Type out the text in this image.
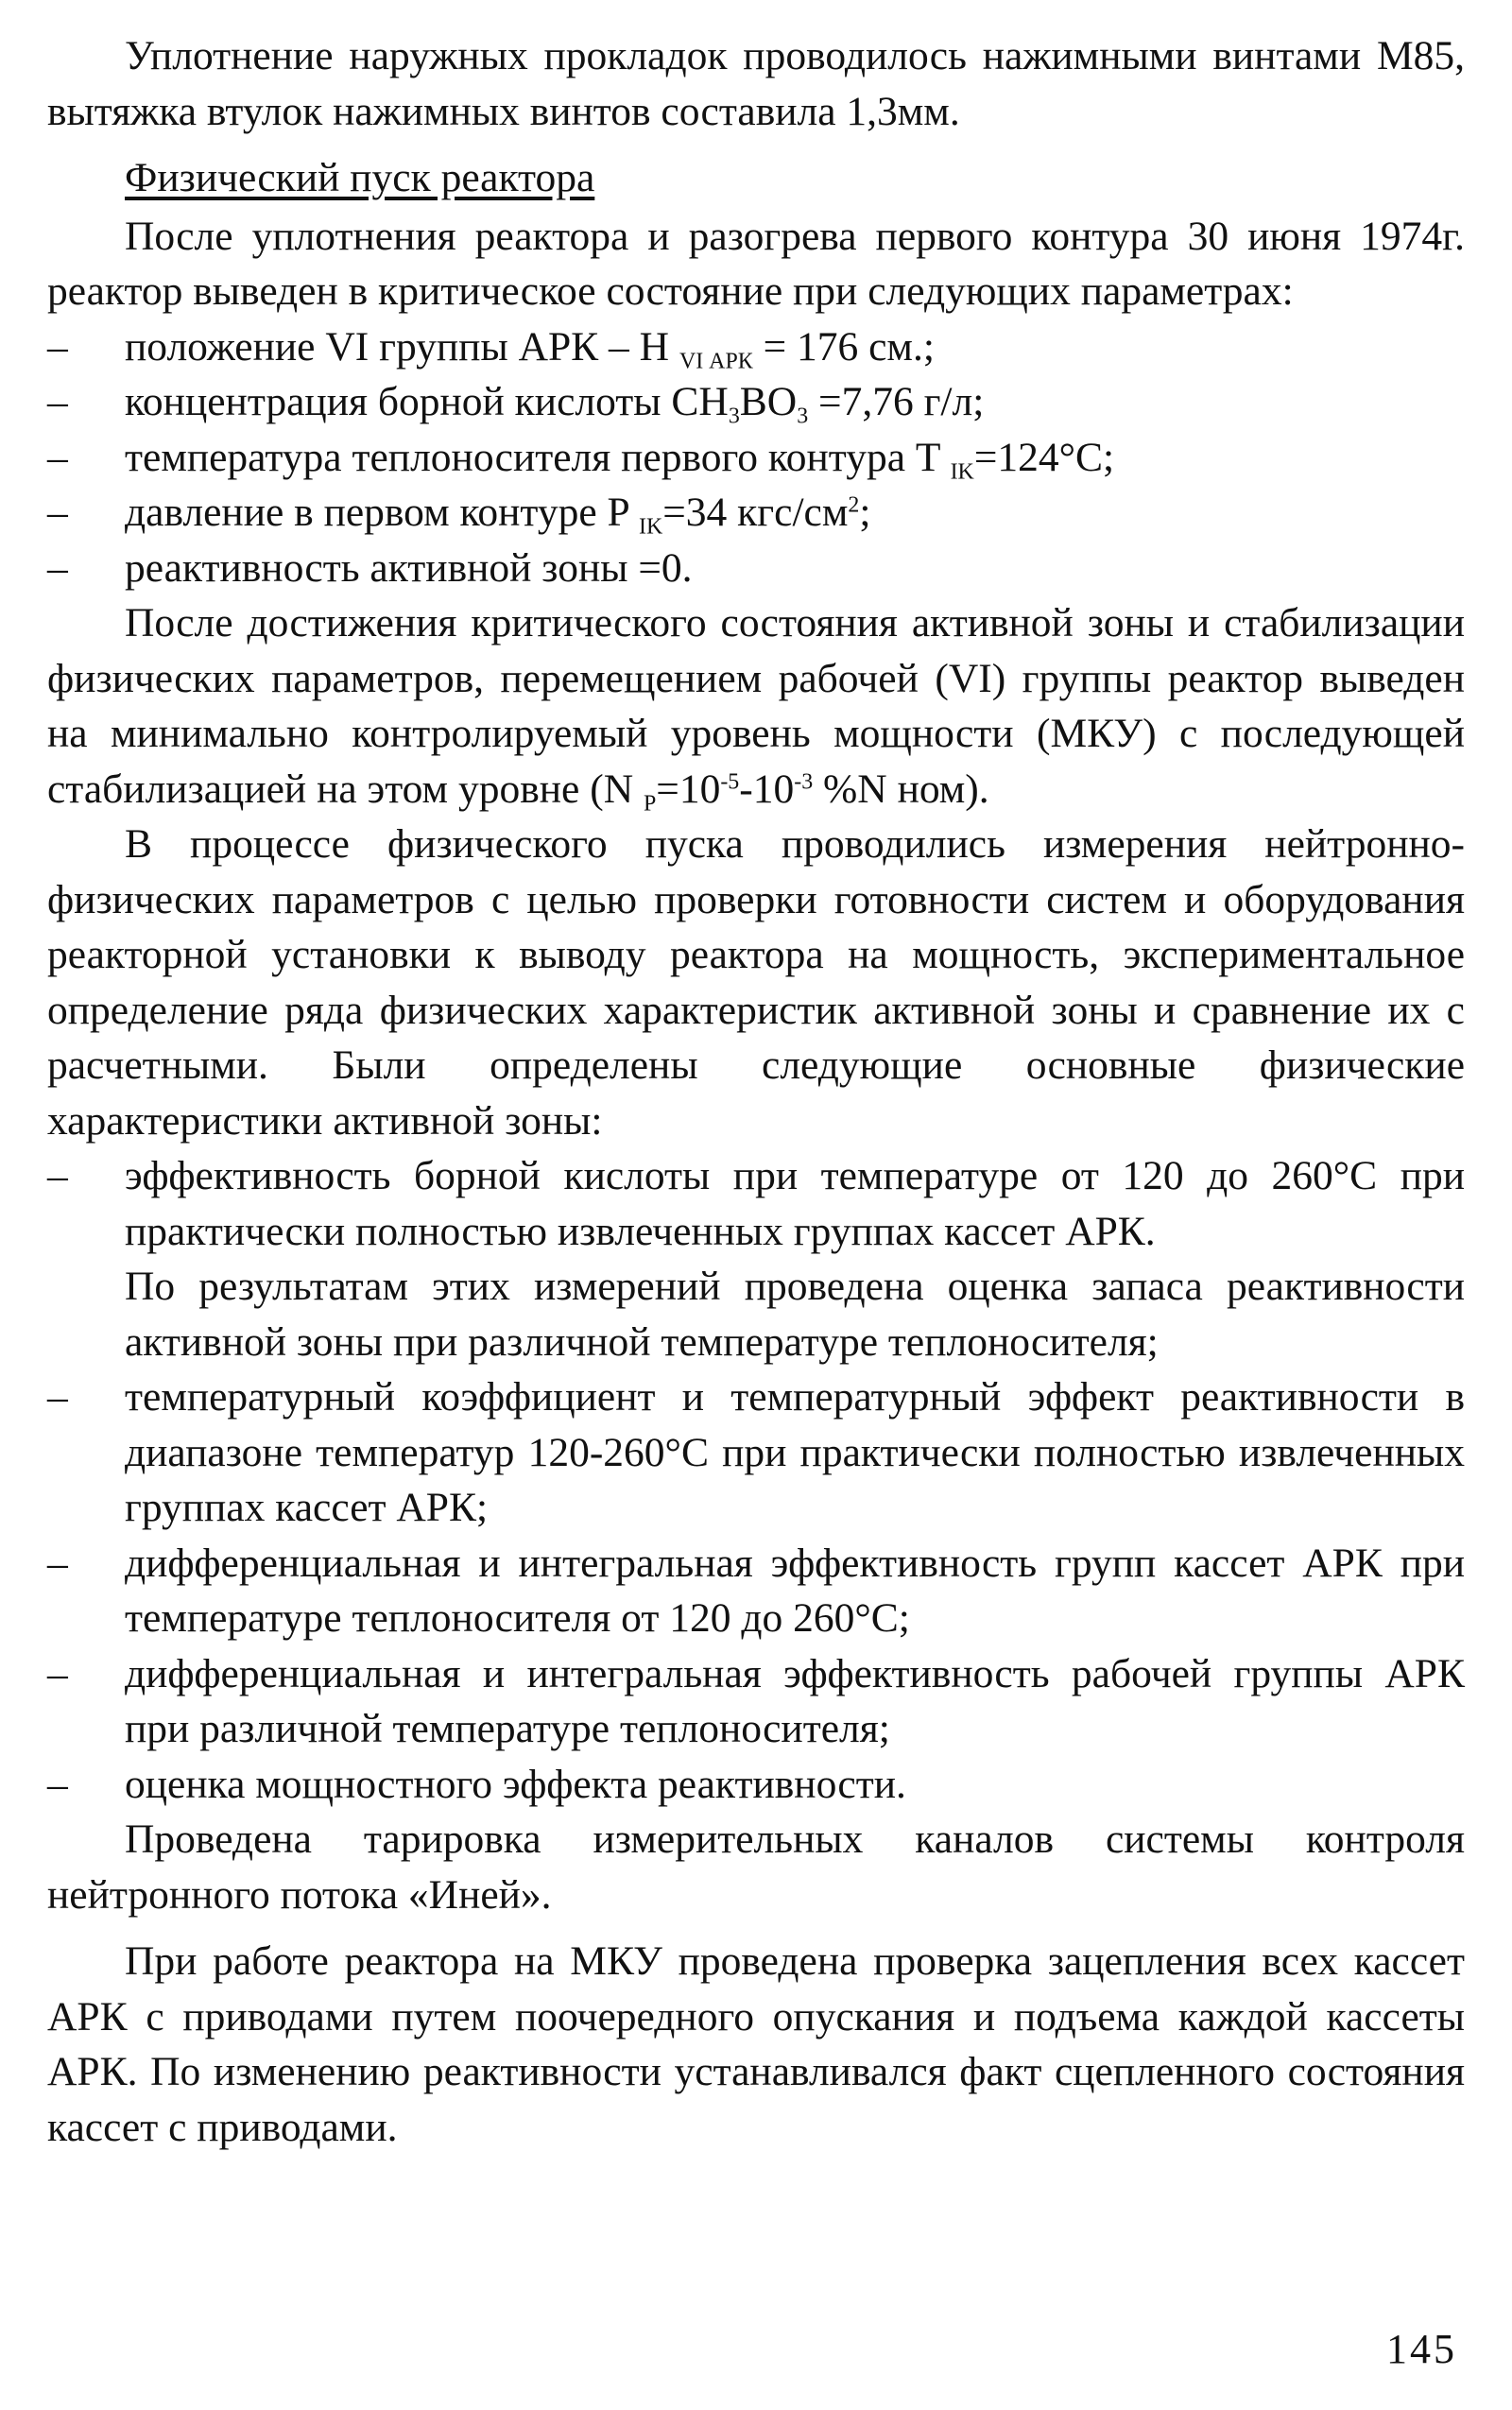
Уплотнение наружных прокладок проводилось нажимными винтами М85, вытяжка втулок нажимных винтов составила 1,3мм.

Физический пуск реактора

После уплотнения реактора и разогрева первого контура 30 июня 1974г. реактор выведен в критическое состояние при следующих параметрах:

–	положение VI группы АРК – Н $_{VI АРК}$ = 176 см.;
–	концентрация борной кислоты $CH_3BO_3 =7,76$ г/л;
–	температура теплоносителя первого контура T $_{IK}$=124°C;
–	давление в первом контуре P $_{IK}$=34 кгс/$см^2$;
–	реактивность активной зоны =0.

После достижения критического состояния активной зоны и стабилизации физических параметров, перемещением рабочей (VI) группы реактор выведен на минимально контролируемый уровень мощности (МКУ) с последующей стабилизацией на этом уровне (N $_P=10^{-5}-10^{-3}$ %N ном).

В процессе физического пуска проводились измерения нейтронно-физических параметров с целью проверки готовности систем и оборудования реакторной установки к выводу реактора на мощность, экспериментальное определение ряда физических характеристик активной зоны и сравнение их с расчетными. Были определены следующие основные физические характеристики активной зоны:

–	эффективность борной кислоты при температуре от 120 до 260°С при практически полностью извлеченных группах кассет АРК.

По результатам этих измерений проведена оценка запаса реактивности активной зоны при различной температуре теплоносителя;

–	температурный коэффициент и температурный эффект реактивности в диапазоне температур 120-260°С при практически полностью извлеченных группах кассет АРК;
–	дифференциальная и интегральная эффективность групп кассет АРК при температуре теплоносителя от 120 до 260°С;
–	дифференциальная и интегральная эффективность рабочей группы АРК при различной температуре теплоносителя;
–	оценка мощностного эффекта реактивности.

Проведена тарировка измерительных каналов системы контроля нейтронного потока «Иней».

При работе реактора на МКУ проведена проверка зацепления всех кассет АРК с приводами путем поочередного опускания и подъема каждой кассеты АРК. По изменению реактивности устанавливался факт сцепленного состояния кассет с приводами.

145
